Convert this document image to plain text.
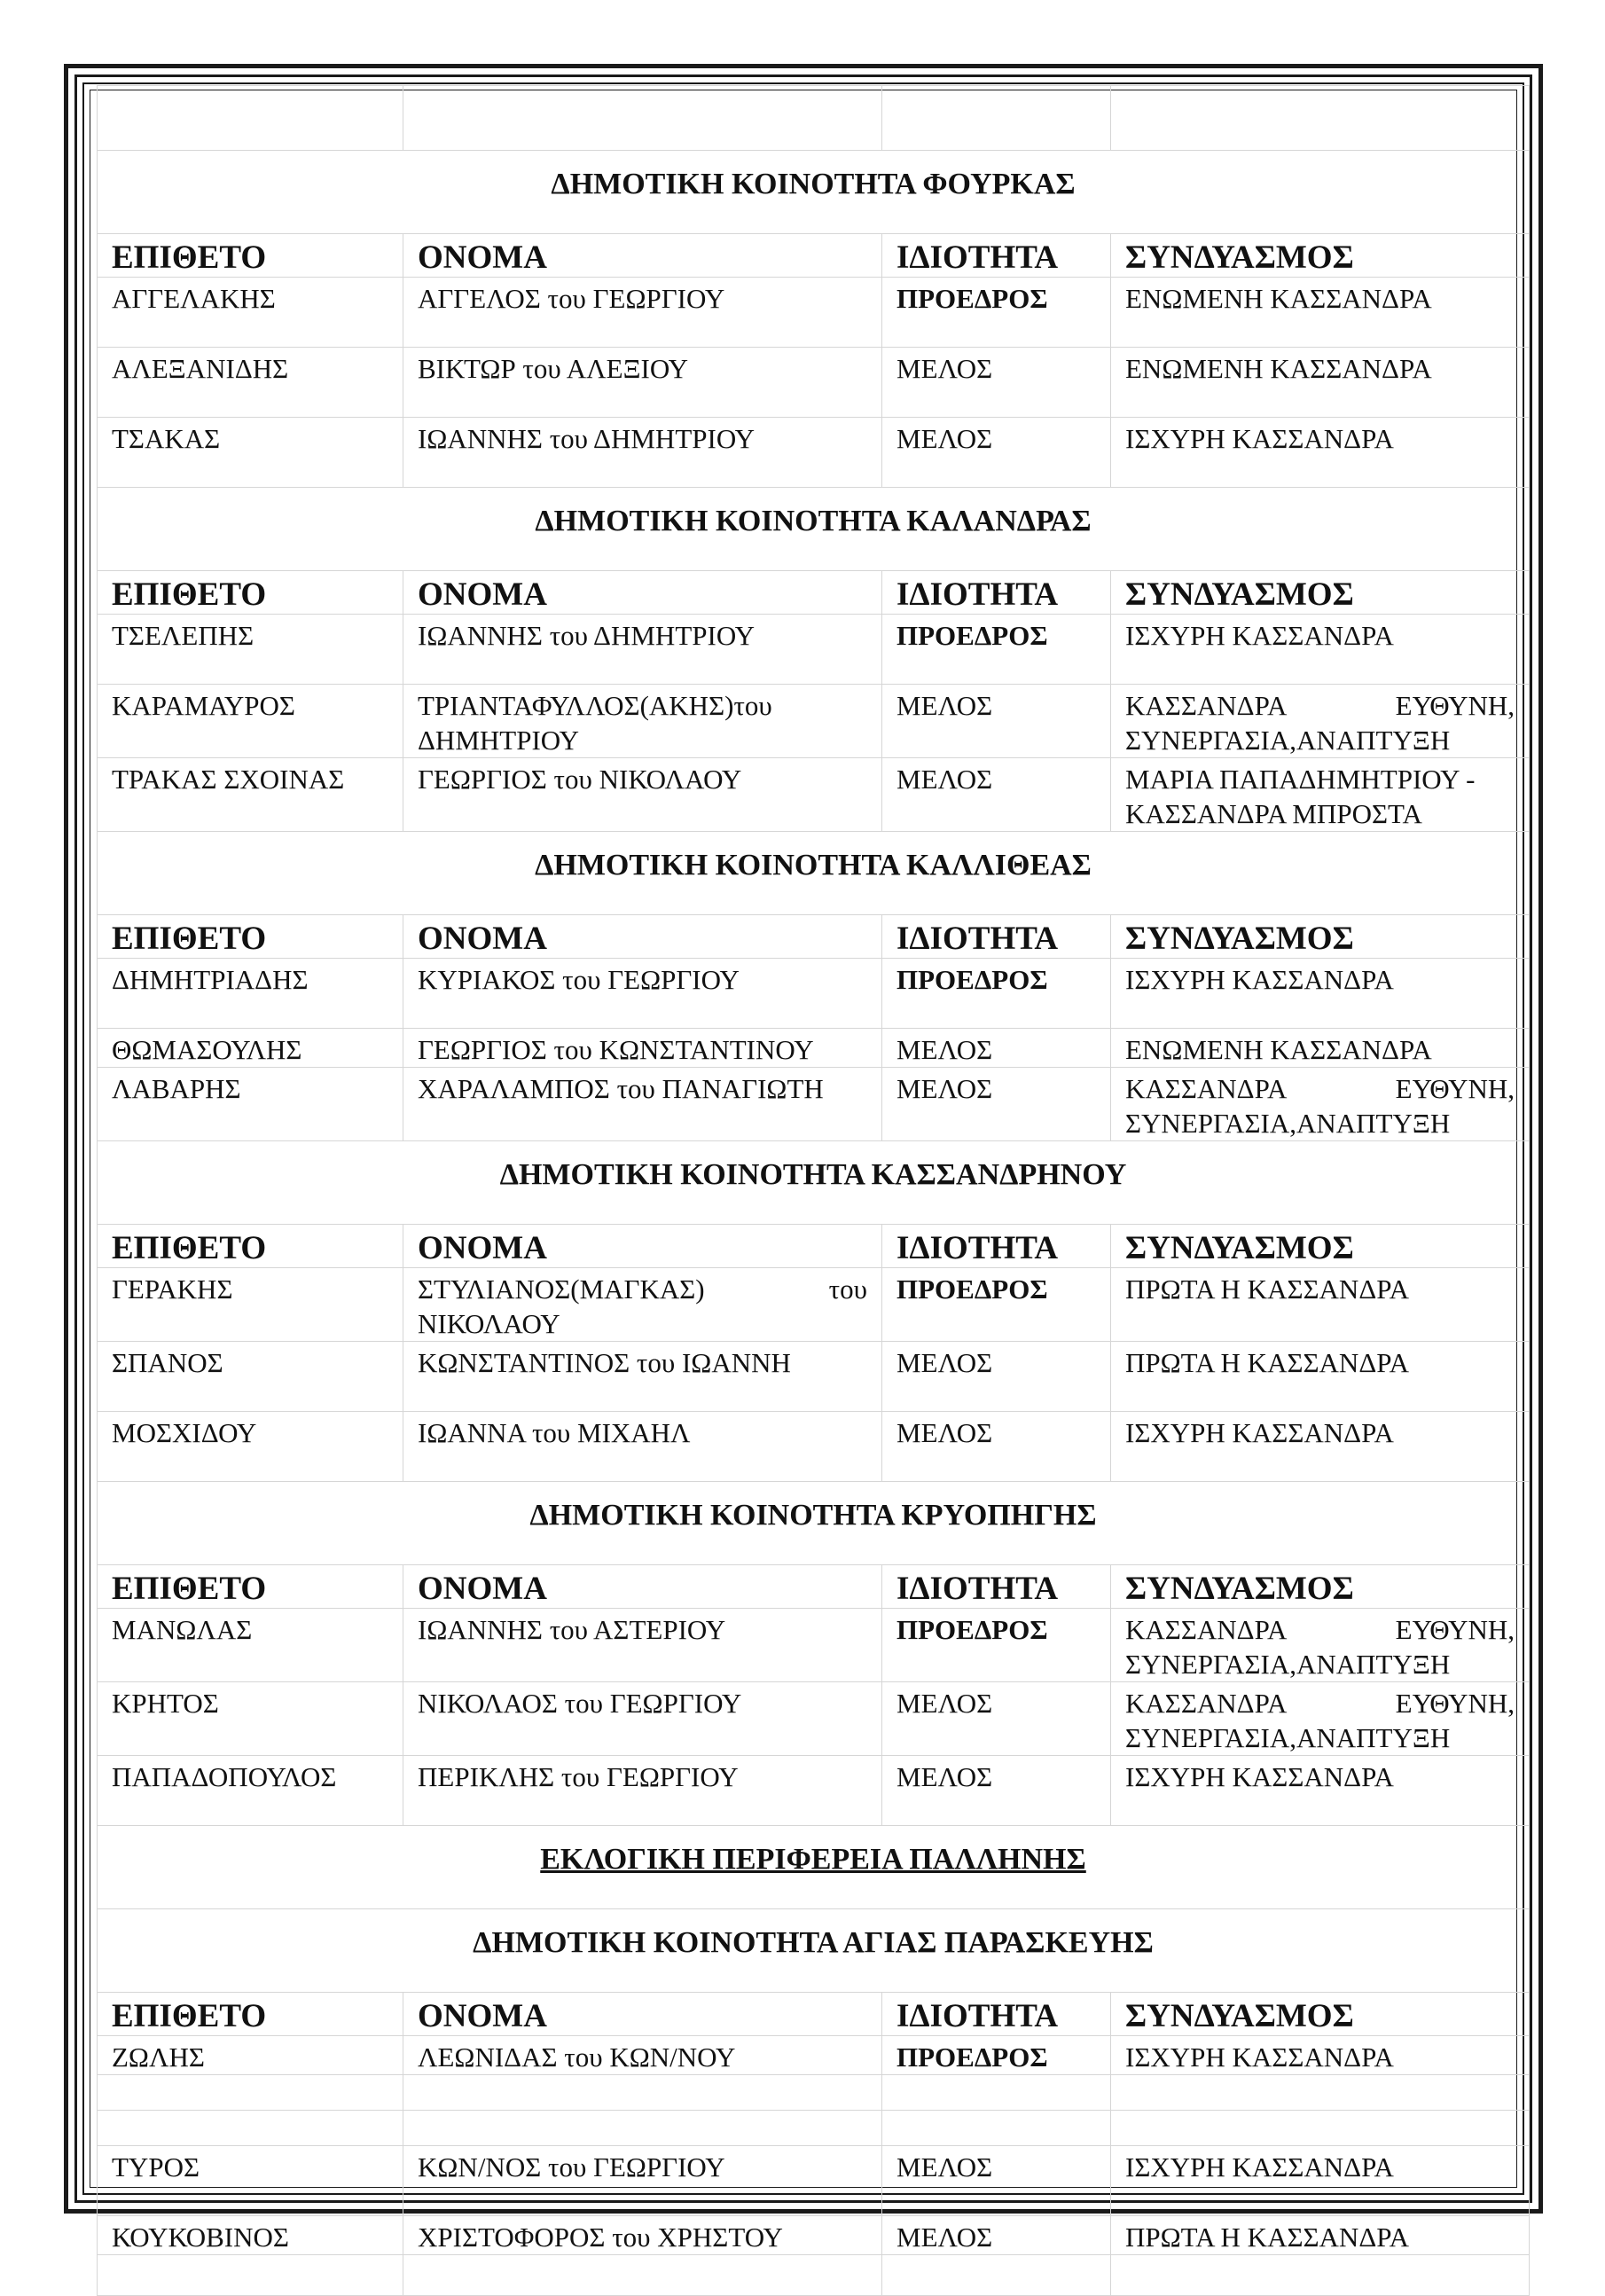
ΔΗΜΟΤΙΚΗ ΚΟΙΝΟΤΗΤΑ ΦΟΥΡΚΑΣ			
ΕΠΙΘΕΤΟ	ΟΝΟΜΑ	ΙΔΙΟΤΗΤΑ	ΣΥΝΔΥΑΣΜΟΣ
ΑΓΓΕΛΑΚΗΣ	ΑΓΓΕΛΟΣ του ΓΕΩΡΓΙΟΥ	ΠΡΟΕΔΡΟΣ	ΕΝΩΜΕΝΗ ΚΑΣΣΑΝΔΡΑ
ΑΛΕΞΑΝΙΔΗΣ	ΒΙΚΤΩΡ του ΑΛΕΞΙΟΥ	ΜΕΛΟΣ	ΕΝΩΜΕΝΗ ΚΑΣΣΑΝΔΡΑ
ΤΣΑΚΑΣ	ΙΩΑΝΝΗΣ του ΔΗΜΗΤΡΙΟΥ	ΜΕΛΟΣ	ΙΣΧΥΡΗ ΚΑΣΣΑΝΔΡΑ
ΔΗΜΟΤΙΚΗ ΚΟΙΝΟΤΗΤΑ ΚΑΛΑΝΔΡΑΣ			
ΕΠΙΘΕΤΟ	ΟΝΟΜΑ	ΙΔΙΟΤΗΤΑ	ΣΥΝΔΥΑΣΜΟΣ
ΤΣΕΛΕΠΗΣ	ΙΩΑΝΝΗΣ του ΔΗΜΗΤΡΙΟΥ	ΠΡΟΕΔΡΟΣ	ΙΣΧΥΡΗ ΚΑΣΣΑΝΔΡΑ
ΚΑΡΑΜΑΥΡΟΣ	ΤΡΙΑΝΤΑΦΥΛΛΟΣ(ΑΚΗΣ)του ΔΗΜΗΤΡΙΟΥ	ΜΕΛΟΣ	ΚΑΣΣΑΝΔΡΑ ΕΥΘΥΝΗ, ΣΥΝΕΡΓΑΣΙΑ,ΑΝΑΠΤΥΞΗ

ΤΡΑΚΑΣ ΣΧΟΙΝΑΣ	ΓΕΩΡΓΙΟΣ του ΝΙΚΟΛΑΟΥ	ΜΕΛΟΣ	ΜΑΡΙΑ ΠΑΠΑΔΗΜΗΤΡΙΟΥ - ΚΑΣΣΑΝΔΡΑ ΜΠΡΟΣΤΑ
ΔΗΜΟΤΙΚΗ ΚΟΙΝΟΤΗΤΑ ΚΑΛΛΙΘΕΑΣ			
ΕΠΙΘΕΤΟ	ΟΝΟΜΑ	ΙΔΙΟΤΗΤΑ	ΣΥΝΔΥΑΣΜΟΣ
ΔΗΜΗΤΡΙΑΔΗΣ	ΚΥΡΙΑΚΟΣ του ΓΕΩΡΓΙΟΥ	ΠΡΟΕΔΡΟΣ	ΙΣΧΥΡΗ ΚΑΣΣΑΝΔΡΑ
ΘΩΜΑΣΟΥΛΗΣ	ΓΕΩΡΓΙΟΣ του ΚΩΝΣΤΑΝΤΙΝΟΥ	ΜΕΛΟΣ	ΕΝΩΜΕΝΗ ΚΑΣΣΑΝΔΡΑ
ΛΑΒΑΡΗΣ	ΧΑΡΑΛΑΜΠΟΣ του ΠΑΝΑΓΙΩΤΗ	ΜΕΛΟΣ	ΚΑΣΣΑΝΔΡΑ ΕΥΘΥΝΗ, ΣΥΝΕΡΓΑΣΙΑ,ΑΝΑΠΤΥΞΗ

ΔΗΜΟΤΙΚΗ ΚΟΙΝΟΤΗΤΑ ΚΑΣΣΑΝΔΡΗΝΟΥ			
ΕΠΙΘΕΤΟ	ΟΝΟΜΑ	ΙΔΙΟΤΗΤΑ	ΣΥΝΔΥΑΣΜΟΣ
ΓΕΡΑΚΗΣ	ΣΤΥΛΙΑΝΟΣ(ΜΑΓΚΑΣ) του ΝΙΚΟΛΑΟΥ	ΠΡΟΕΔΡΟΣ	ΠΡΩΤΑ Η ΚΑΣΣΑΝΔΡΑ
ΣΠΑΝΟΣ	ΚΩΝΣΤΑΝΤΙΝΟΣ του ΙΩΑΝΝΗ	ΜΕΛΟΣ	ΠΡΩΤΑ Η ΚΑΣΣΑΝΔΡΑ
ΜΟΣΧΙΔΟΥ	ΙΩΑΝΝΑ του ΜΙΧΑΗΛ	ΜΕΛΟΣ	ΙΣΧΥΡΗ ΚΑΣΣΑΝΔΡΑ
ΔΗΜΟΤΙΚΗ ΚΟΙΝΟΤΗΤΑ ΚΡΥΟΠΗΓΗΣ			
ΕΠΙΘΕΤΟ	ΟΝΟΜΑ	ΙΔΙΟΤΗΤΑ	ΣΥΝΔΥΑΣΜΟΣ
ΜΑΝΩΛΑΣ	ΙΩΑΝΝΗΣ του ΑΣΤΕΡΙΟΥ	ΠΡΟΕΔΡΟΣ	ΚΑΣΣΑΝΔΡΑ ΕΥΘΥΝΗ, ΣΥΝΕΡΓΑΣΙΑ,ΑΝΑΠΤΥΞΗ

ΚΡΗΤΟΣ	ΝΙΚΟΛΑΟΣ του ΓΕΩΡΓΙΟΥ	ΜΕΛΟΣ	ΚΑΣΣΑΝΔΡΑ ΕΥΘΥΝΗ, ΣΥΝΕΡΓΑΣΙΑ,ΑΝΑΠΤΥΞΗ

ΠΑΠΑΔΟΠΟΥΛΟΣ	ΠΕΡΙΚΛΗΣ του ΓΕΩΡΓΙΟΥ	ΜΕΛΟΣ	ΙΣΧΥΡΗ ΚΑΣΣΑΝΔΡΑ
ΕΚΛΟΓΙΚΗ ΠΕΡΙΦΕΡΕΙΑ ΠΑΛΛΗΝΗΣ			
ΔΗΜΟΤΙΚΗ ΚΟΙΝΟΤΗΤΑ ΑΓΙΑΣ ΠΑΡΑΣΚΕΥΗΣ			
ΕΠΙΘΕΤΟ	ΟΝΟΜΑ	ΙΔΙΟΤΗΤΑ	ΣΥΝΔΥΑΣΜΟΣ
ΖΩΛΗΣ	ΛΕΩΝΙΔΑΣ του ΚΩΝ/ΝΟΥ	ΠΡΟΕΔΡΟΣ	ΙΣΧΥΡΗ ΚΑΣΣΑΝΔΡΑ

ΤΥΡΟΣ	ΚΩΝ/ΝΟΣ του ΓΕΩΡΓΙΟΥ	ΜΕΛΟΣ	ΙΣΧΥΡΗ ΚΑΣΣΑΝΔΡΑ
ΚΟΥΚΟΒΙΝΟΣ	ΧΡΙΣΤΟΦΟΡΟΣ του ΧΡΗΣΤΟΥ	ΜΕΛΟΣ	ΠΡΩΤΑ Η ΚΑΣΣΑΝΔΡΑ
